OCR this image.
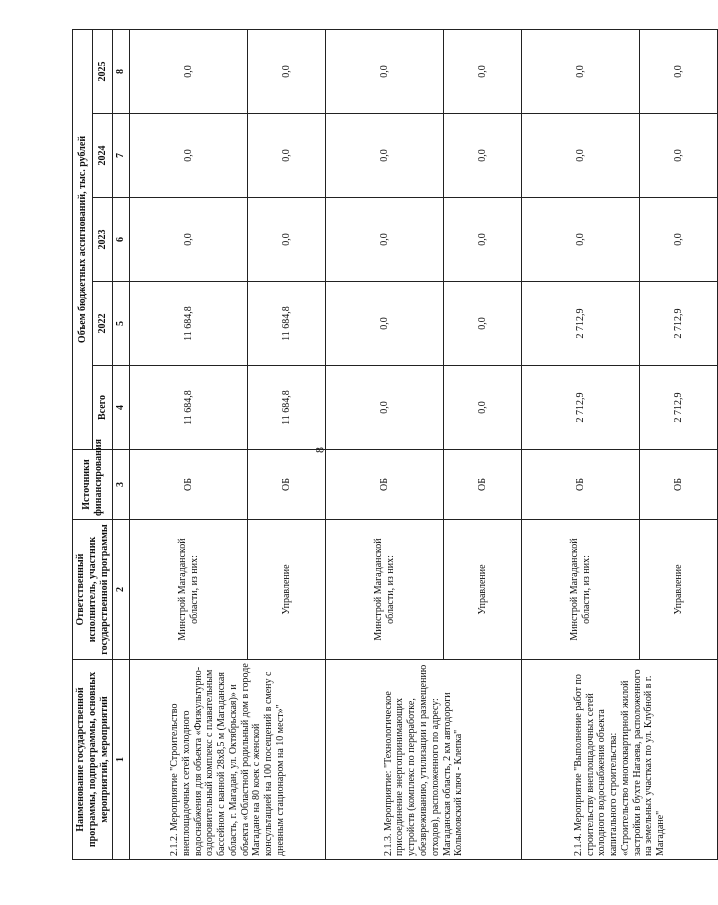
8
Наименование государственной программы, подпрограммы, основных мероприятий, мероприятий	Ответственный исполнитель, участник государственной программы	Источники финансирования	Объем бюджетных ассигнований, тыс. рублей				
			Всего	2022	2023	2024	2025
1	2	3	4	5	6	7	8
2.1.2. Мероприятие "Строительство внеплощадочных сетей холодного водоснабжения для объекта «Физкультурно-оздоровительный комплекс с плавательным бассейном с ванной 28х8,5 м (Магаданская область, г. Магадан, ул. Октябрьская)» и объекта «Областной родильный дом в городе Магадане на 80 коек с женской консультацией на 100 посещений в смену с дневным стационаром на 10 мест»"	Минстрой Магаданской области, из них:	ОБ	11 684,8	11 684,8	0,0	0,0	0,0
	Управление	ОБ	11 684,8	11 684,8	0,0	0,0	0,0
2.1.3. Мероприятие: "Технологическое присоединение энергопринимающих устройств (комплекс по переработке, обезвреживанию, утилизации и размещению отходов), расположенного по адресу: Магаданская область, 2 км автодороги Колымовский ключ - Клепка"	Минстрой Магаданской области, из них:	ОБ	0,0	0,0	0,0	0,0	0,0
	Управление	ОБ	0,0	0,0	0,0	0,0	0,0
2.1.4. Мероприятие "Выполнение работ по строительству внеплощадочных сетей холодного водоснабжения объекта капитального строительства: «Строительство многоквартирной жилой застройки в бухте Нагаева, расположенного на земельных участках по ул. Клубной в г. Магадане"	Минстрой Магаданской области, из них:	ОБ	2 712,9	2 712,9	0,0	0,0	0,0
	Управление	ОБ	2 712,9	2 712,9	0,0	0,0	0,0
